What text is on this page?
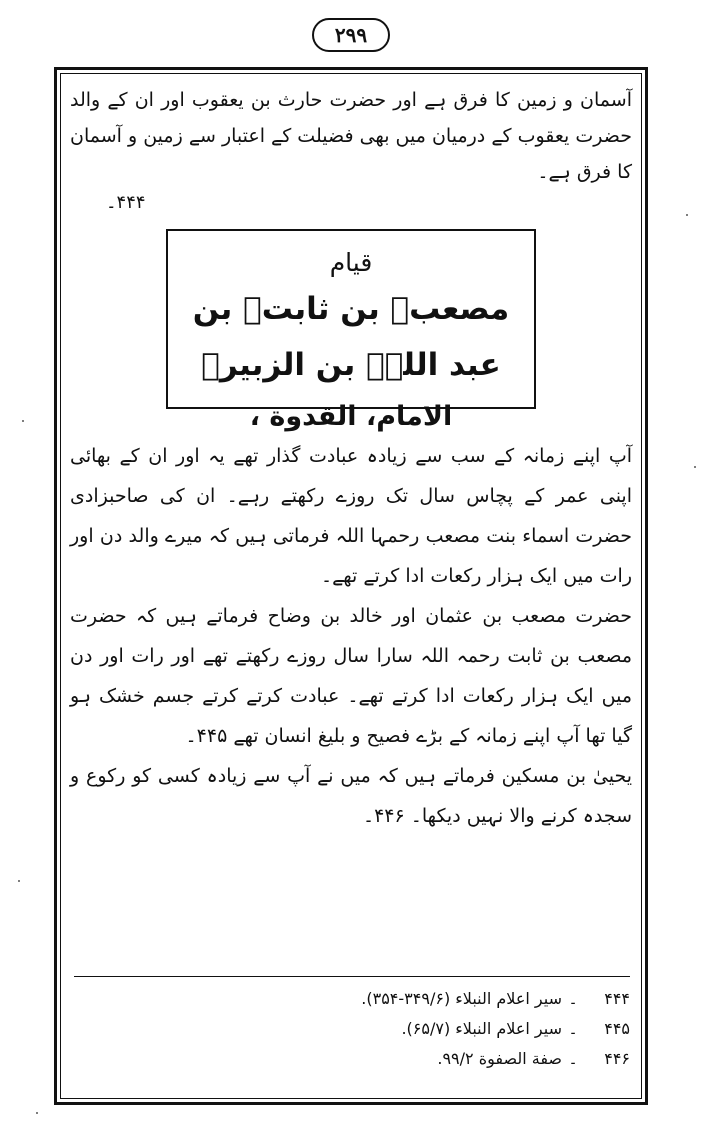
۲۹۹

آسمان و زمین کا فرق ہے اور حضرت حارث بن یعقوب اور ان کے والد حضرت یعقوب کے درمیان میں بھی فضیلت کے اعتبار سے زمین و آسمان کا فرق ہے۔

۴۴۴۔
قیام
مصعبؒ بن ثابتؒ بن عبد اللہؓ بن الزبیرؓ
الامام، القدوة ،

آپ اپنے زمانہ کے سب سے زیادہ عبادت گذار تھے یہ اور ان کے بھائی اپنی عمر کے پچاس سال تک روزے رکھتے رہے۔ ان کی صاحبزادی حضرت اسماء بنت مصعب رحمہا اللہ فرماتی ہیں کہ میرے والد دن اور رات میں ایک ہزار رکعات ادا کرتے تھے۔

حضرت مصعب بن عثمان اور خالد بن وضاح فرماتے ہیں کہ حضرت مصعب بن ثابت رحمہ اللہ سارا سال روزے رکھتے تھے اور رات اور دن میں ایک ہزار رکعات ادا کرتے تھے۔ عبادت کرتے کرتے جسم خشک ہو گیا تھا آپ اپنے زمانہ کے بڑے فصیح و بلیغ انسان تھے ۴۴۵۔

یحییٰ بن مسکین فرماتے ہیں کہ میں نے آپ سے زیادہ کسی کو رکوع و سجدہ کرنے والا نہیں دیکھا۔ ۴۴۶۔

۴۴۴
۔
سیر اعلام النبلاء (۳۴۹/۶-۳۵۴).
۴۴۵
۔
سیر اعلام النبلاء (۶۵/۷).
۴۴۶
۔
صفة الصفوة ۹۹/۲.
